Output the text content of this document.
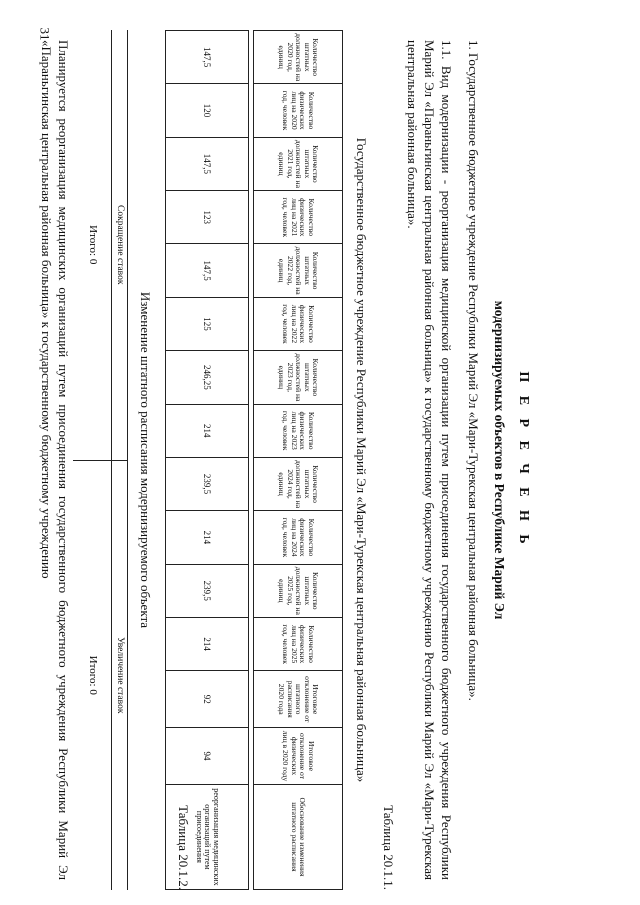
31
П Е Р Е Ч Е Н Ь
модернизируемых объектов в Республике Марий Эл
1. Государственное бюджетное учреждение Республики Марий Эл «Мари-Турекская центральная районная больница».
1.1. Вид модернизации - реорганизация медицинской организации путем присоединения государственного бюджетного учреждения Республики Марий Эл «Параньгинская центральная районная больница» к государственному бюджетному учреждению Республики Марий Эл «Мари-Турекская центральная районная больница».
Таблица 20.1.1.
Государственное бюджетное учреждение Республики Марий Эл «Мари-Турекская центральная районная больница»
Количество штатных должностей на 2020 год, единиц	Количество физических лиц на 2020 год, человек	Количество штатных должностей на 2021 год, единиц	Количество физических лиц на 2021 год, человек	Количество штатных должностей на 2022 год, единиц	Количество физических лиц на 2022 год, человек	Количество штатных должностей на 2023 год, единиц	Количество физических лиц на 2023 год, человек	Количество штатных должностей на 2024 год, единиц	Количество физических лиц на 2024 год, человек	Количество штатных должностей на 2025 год, единиц	Количество физических лиц на 2025 год, человек	Итоговое отклонение от штатного расписания 2020 года	Итоговое отклонение от физических лиц в 2020 году	Обоснование изменения штатного расписания

147,5	120	147,5	123	147,5	125	246,25	214	239,5	214	239,5	214	92	94	реорганизация медицинских организаций путем присоединения
Таблица 20.1.2.
Изменение штатного расписания модернизируемого объекта
Сокращение ставок	Увеличение ставок
Итого: 0	Итого: 0
Планируется реорганизация медицинских организаций путем присоединения государственного бюджетного учреждения Республики Марий Эл «Параньгинская центральная районная больница» к государственному бюджетному учреждению
